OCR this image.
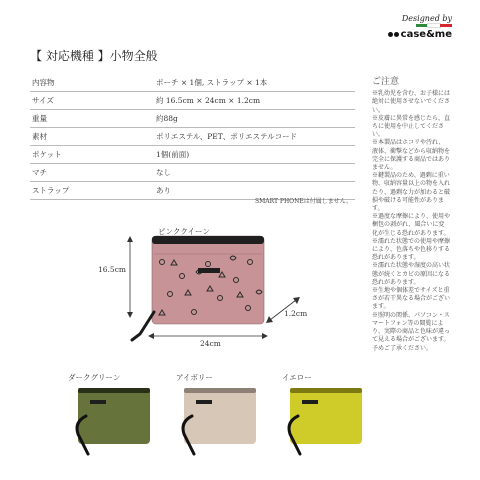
Designed by
case&me
【 対応機種 】小物全般
内容物	ポーチ × 1個, ストラップ × 1本
サイズ	約 16.5cm × 24cm × 1.2cm
重量	約88g
素材	ポリエステル、PET、ポリエステルコード
ポケット	1個(前面)
マチ	なし
ストラップ	あり
SMART PHONEは付属しません。
ご注意
※乳幼児を含む、お子様には絶対に使用させないでください。
※皮膚に異常を感じたら、直ちに使用を中止してください。
※本製品はホコリや汚れ、液体、衝撃などから収納物を完全に保護する商品ではありません。
※鍵製品のため、過剰に重い物、収納容量以上の物を入れたり、過剰な力が加わると破損や破ける可能性があります。
※過度な摩擦により、使用や梱包の剥がれ、風合いに変化が生じる恐れがあります。
※濡れた状態での使用や摩擦により、色落ちや色移りする恐れがあります。
※濡れた状態や湿度の高い状態が続くとカビの原因になる恐れがあります。
※生地や個体差でサイズと重さが若干異なる場合がございます。
※照明の関係、パソコン・スマートフォン等の閲覧により、実際の商品と色味が違って見える場合がございます。予めご了承ください。
ピンククイーン
16.5cm
24cm
1.2cm
ダークグリーン	アイボリー	イエロー
